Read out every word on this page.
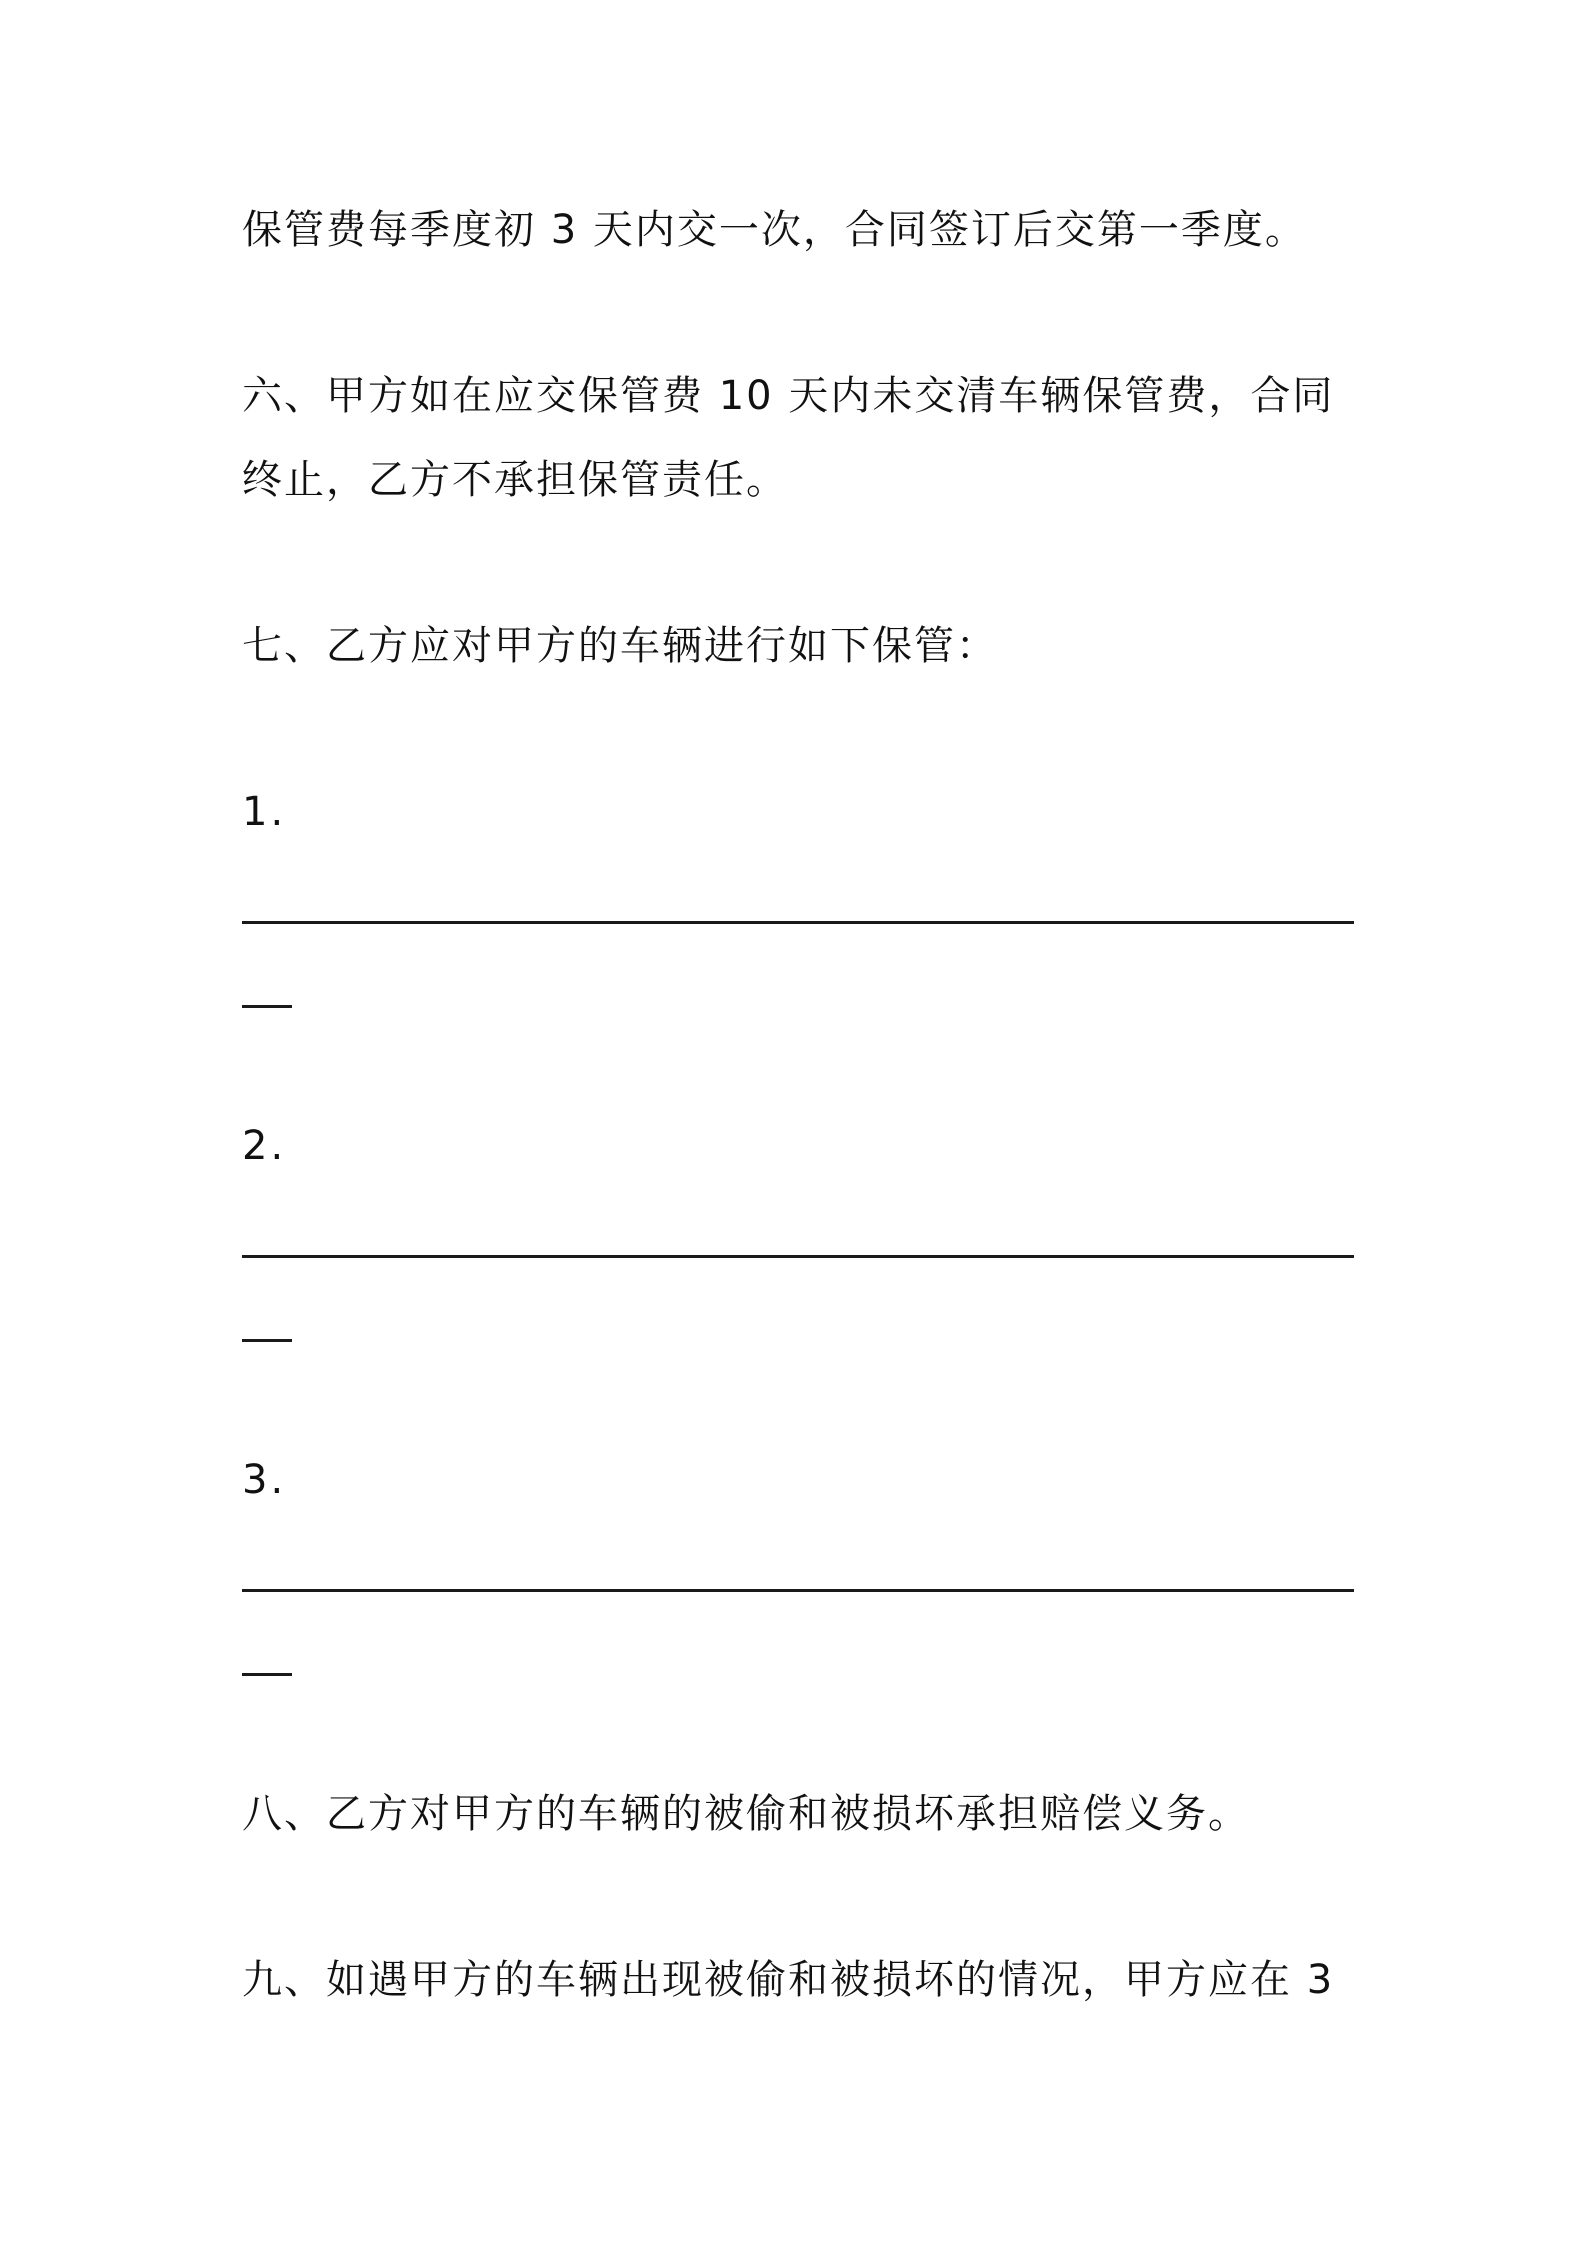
保管费每季度初 3 天内交一次，合同签订后交第一季度。
六、甲方如在应交保管费 10 天内未交清车辆保管费，合同
终止，乙方不承担保管责任。
七、乙方应对甲方的车辆进行如下保管：
1.
2.
3.
八、乙方对甲方的车辆的被偷和被损坏承担赔偿义务。
九、如遇甲方的车辆出现被偷和被损坏的情况，甲方应在 3
